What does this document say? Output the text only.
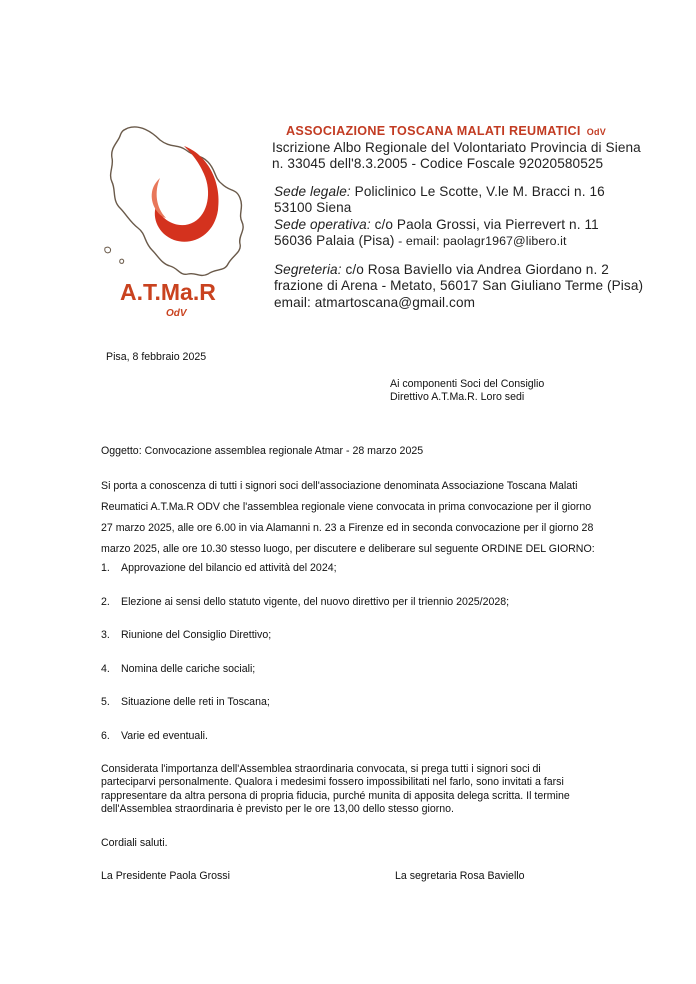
A.T.Ma.R
OdV
ASSOCIAZIONE TOSCANA MALATI REUMATICI OdV
Iscrizione Albo Regionale del Volontariato Provincia di Siena
n. 33045 dell'8.3.2005 - Codice Foscale 92020580525
Sede legale: Policlinico Le Scotte, V.le M. Bracci n. 16
53100 Siena
Sede operativa: c/o Paola Grossi, via Pierrevert n. 11
56036 Palaia (Pisa) - email: paolagr1967@libero.it
Segreteria: c/o Rosa Baviello via Andrea Giordano n. 2
frazione di Arena - Metato, 56017 San Giuliano Terme (Pisa)
email: atmartoscana@gmail.com
Pisa, 8 febbraio 2025
Ai componenti Soci del Consiglio
Direttivo A.T.Ma.R. Loro sedi
Oggetto: Convocazione assemblea regionale Atmar - 28 marzo 2025
Si porta a conoscenza di tutti i signori soci dell'associazione denominata Associazione Toscana Malati
Reumatici A.T.Ma.R ODV che l'assemblea regionale viene convocata in prima convocazione per il giorno
27 marzo 2025, alle ore 6.00 in via Alamanni n. 23 a Firenze ed in seconda convocazione per il giorno 28
marzo 2025, alle ore 10.30 stesso luogo, per discutere e deliberare sul seguente ORDINE DEL GIORNO:
1. Approvazione del bilancio ed attività del 2024;
2. Elezione ai sensi dello statuto vigente, del nuovo direttivo per il triennio 2025/2028;
3. Riunione del Consiglio Direttivo;
4. Nomina delle cariche sociali;
5. Situazione delle reti in Toscana;
6. Varie ed eventuali.
Considerata l'importanza dell'Assemblea straordinaria convocata, si prega tutti i signori soci di
parteciparvi personalmente. Qualora i medesimi fossero impossibilitati nel farlo, sono invitati a farsi
rappresentare da altra persona di propria fiducia, purché munita di apposita delega scritta. Il termine
dell'Assemblea straordinaria è previsto per le ore 13,00 dello stesso giorno.
Cordiali saluti.
La Presidente Paola Grossi	La segretaria Rosa Baviello
